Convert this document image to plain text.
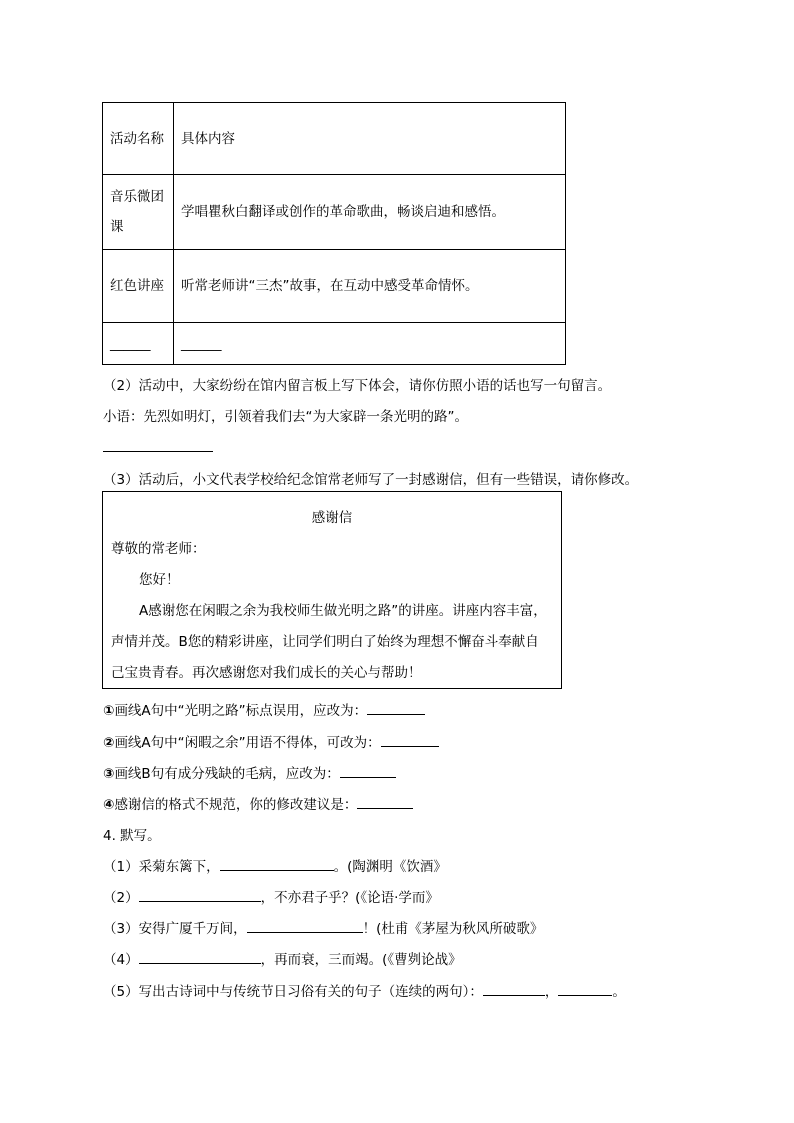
活动名称	具体内容
音乐微团课	学唱瞿秋白翻译或创作的革命歌曲，畅谈启迪和感悟。
红色讲座	听常老师讲“三杰”故事，在互动中感受革命情怀。
______	______
（2）活动中，大家纷纷在馆内留言板上写下体会，请你仿照小语的话也写一句留言。
小语：先烈如明灯，引领着我们去“为大家辟一条光明的路”。
（3）活动后，小文代表学校给纪念馆常老师写了一封感谢信，但有一些错误，请你修改。
感谢信
尊敬的常老师：
您好！
A感谢您在闲暇之余为我校师生做光明之路”的讲座。讲座内容丰富，
声情并茂。B您的精彩讲座，让同学们明白了始终为理想不懈奋斗奉献自
己宝贵青春。再次感谢您对我们成长的关心与帮助！
①画线A句中“光明之路”标点误用，应改为：
②画线A句中“闲暇之余”用语不得体，可改为：
③画线B句有成分残缺的毛病，应改为：
④感谢信的格式不规范，你的修改建议是：
4. 默写。
（1）采菊东篱下，	。(陶渊明《饮酒》
（2）	，不亦君子乎？(《论语·学而》
（3）安得广厦千万间，	！(杜甫《茅屋为秋风所破歌》
（4）	，再而衰，三而竭。(《曹刿论战》
（5）写出古诗词中与传统节日习俗有关的句子（连续的两句）：	，	。
